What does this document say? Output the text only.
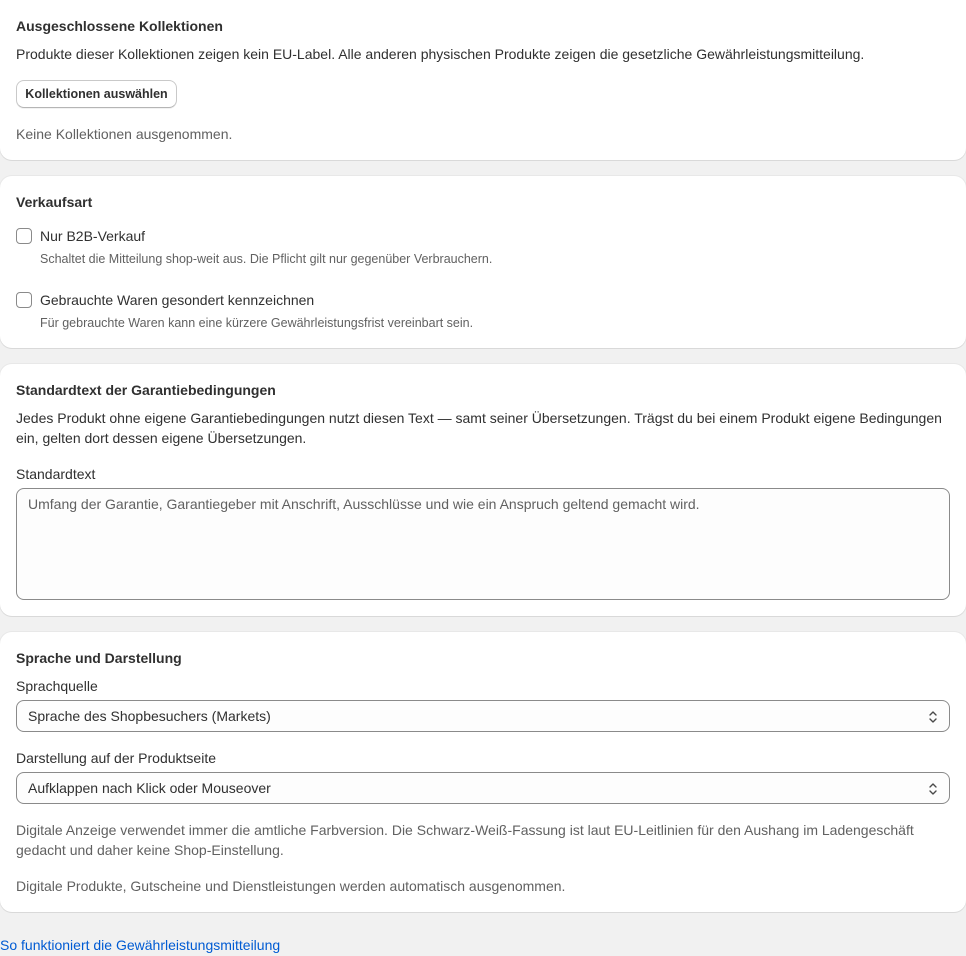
Ausgeschlossene Kollektionen

Produkte dieser Kollektionen zeigen kein EU-Label. Alle anderen physischen Produkte zeigen die gesetzliche Gewährleistungsmitteilung.

Kollektionen auswählen

Keine Kollektionen ausgenommen.

Verkaufsart
Nur B2B-Verkauf

Schaltet die Mitteilung shop-weit aus. Die Pflicht gilt nur gegenüber Verbrauchern.

Gebrauchte Waren gesondert kennzeichnen

Für gebrauchte Waren kann eine kürzere Gewährleistungsfrist vereinbart sein.

Standardtext der Garantiebedingungen

Jedes Produkt ohne eigene Garantiebedingungen nutzt diesen Text — samt seiner Übersetzungen. Trägst du bei einem Produkt eigene Bedingungen ein, gelten dort dessen eigene Übersetzungen.

Standardtext
Umfang der Garantie, Garantiegeber mit Anschrift, Ausschlüsse und wie ein Anspruch geltend gemacht wird.
Sprache und Darstellung
Sprachquelle
Sprache des Shopbesuchers (Markets)
Darstellung auf der Produktseite
Aufklappen nach Klick oder Mouseover

Digitale Anzeige verwendet immer die amtliche Farbversion. Die Schwarz-Weiß-Fassung ist laut EU-Leitlinien für den Aushang im Ladengeschäft gedacht und daher keine Shop-Einstellung.

Digitale Produkte, Gutscheine und Dienstleistungen werden automatisch ausgenommen.

So funktioniert die Gewährleistungsmitteilung
